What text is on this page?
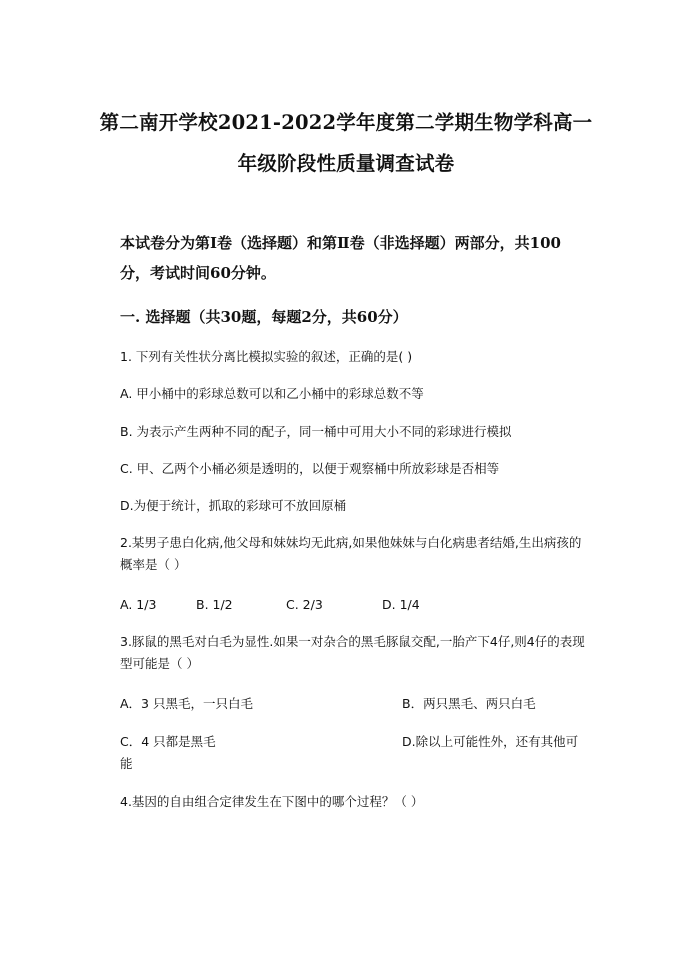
第二南开学校2021-2022学年度第二学期生物学科高一
年级阶段性质量调查试卷
本试卷分为第Ⅰ卷（选择题）和第Ⅱ卷（非选择题）两部分，共100分，考试时间60分钟。
一. 选择题（共30题，每题2分，共60分）
1. 下列有关性状分离比模拟实验的叙述，正确的是( )
A. 甲小桶中的彩球总数可以和乙小桶中的彩球总数不等
B. 为表示产生两种不同的配子，同一桶中可用大小不同的彩球进行模拟
C. 甲、乙两个小桶必须是透明的，以便于观察桶中所放彩球是否相等
D.为便于统计，抓取的彩球可不放回原桶
2.某男子患白化病,他父母和妹妹均无此病,如果他妹妹与白化病患者结婚,生出病孩的概率是（ ）
A. 1/3	B. 1/2	C. 2/3	D. 1/4
3.豚鼠的黑毛对白毛为显性.如果一对杂合的黑毛豚鼠交配,一胎产下4仔,则4仔的表现型可能是（ ）
A．3 只黑毛，一只白毛	B．两只黑毛、两只白毛
C．4 只都是黑毛	D.除以上可能性外，还有其他可能
4.基因的自由组合定律发生在下图中的哪个过程？（ ）
